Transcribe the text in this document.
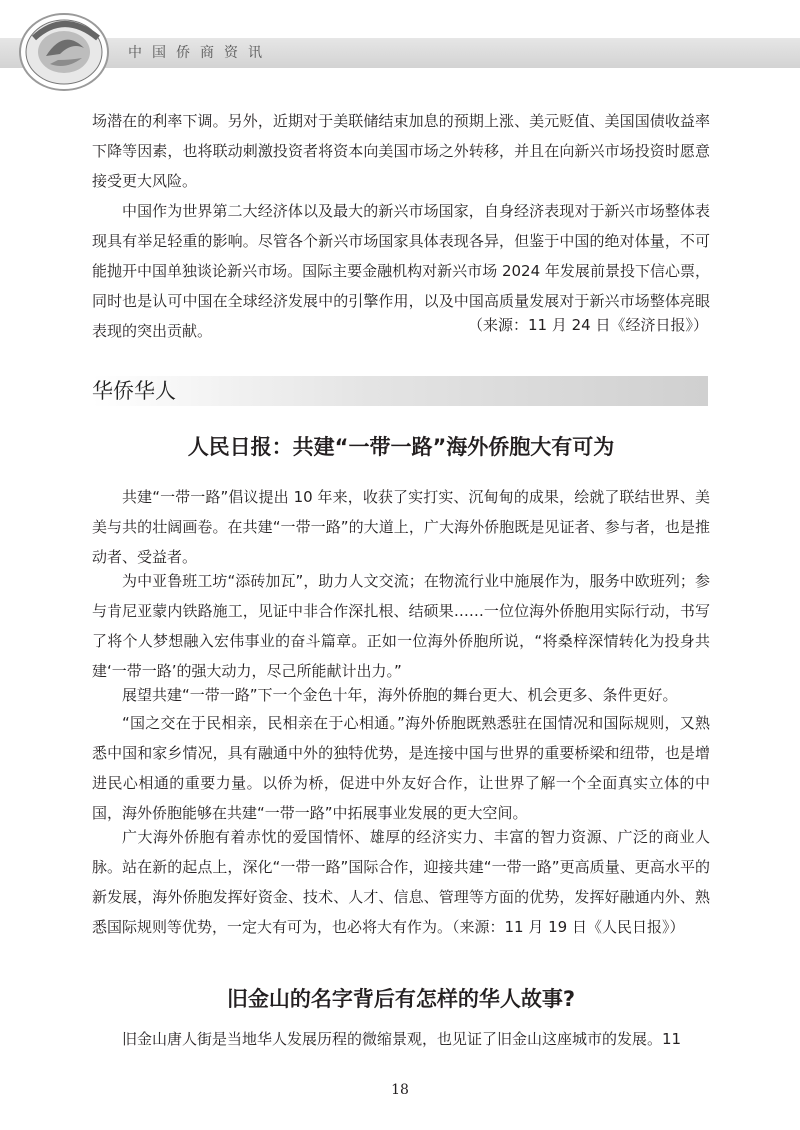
中国侨商资讯

场潜在的利率下调。另外，近期对于美联储结束加息的预期上涨、美元贬值、美国国债收益率下降等因素，也将联动刺激投资者将资本向美国市场之外转移，并且在向新兴市场投资时愿意接受更大风险。

中国作为世界第二大经济体以及最大的新兴市场国家，自身经济表现对于新兴市场整体表现具有举足轻重的影响。尽管各个新兴市场国家具体表现各异，但鉴于中国的绝对体量，不可能抛开中国单独谈论新兴市场。国际主要金融机构对新兴市场 2024 年发展前景投下信心票，同时也是认可中国在全球经济发展中的引擎作用，以及中国高质量发展对于新兴市场整体亮眼表现的突出贡献。	（来源：11 月 24 日《经济日报》）
华侨华人
人民日报：共建“一带一路”海外侨胞大有可为

共建“一带一路”倡议提出 10 年来，收获了实打实、沉甸甸的成果，绘就了联结世界、美美与共的壮阔画卷。在共建“一带一路”的大道上，广大海外侨胞既是见证者、参与者，也是推动者、受益者。

为中亚鲁班工坊“添砖加瓦”，助力人文交流；在物流行业中施展作为，服务中欧班列；参与肯尼亚蒙内铁路施工，见证中非合作深扎根、结硕果……一位位海外侨胞用实际行动，书写了将个人梦想融入宏伟事业的奋斗篇章。正如一位海外侨胞所说，“将桑梓深情转化为投身共建‘一带一路’的强大动力，尽己所能献计出力。”

展望共建“一带一路”下一个金色十年，海外侨胞的舞台更大、机会更多、条件更好。

“国之交在于民相亲，民相亲在于心相通。”海外侨胞既熟悉驻在国情况和国际规则，又熟悉中国和家乡情况，具有融通中外的独特优势，是连接中国与世界的重要桥梁和纽带，也是增进民心相通的重要力量。以侨为桥，促进中外友好合作，让世界了解一个全面真实立体的中国，海外侨胞能够在共建“一带一路”中拓展事业发展的更大空间。

广大海外侨胞有着赤忱的爱国情怀、雄厚的经济实力、丰富的智力资源、广泛的商业人脉。站在新的起点上，深化“一带一路”国际合作，迎接共建“一带一路”更高质量、更高水平的新发展，海外侨胞发挥好资金、技术、人才、信息、管理等方面的优势，发挥好融通内外、熟悉国际规则等优势，一定大有可为，也必将大有作为。（来源：11 月 19 日《人民日报》）

旧金山的名字背后有怎样的华人故事?

旧金山唐人街是当地华人发展历程的微缩景观，也见证了旧金山这座城市的发展。11

18
